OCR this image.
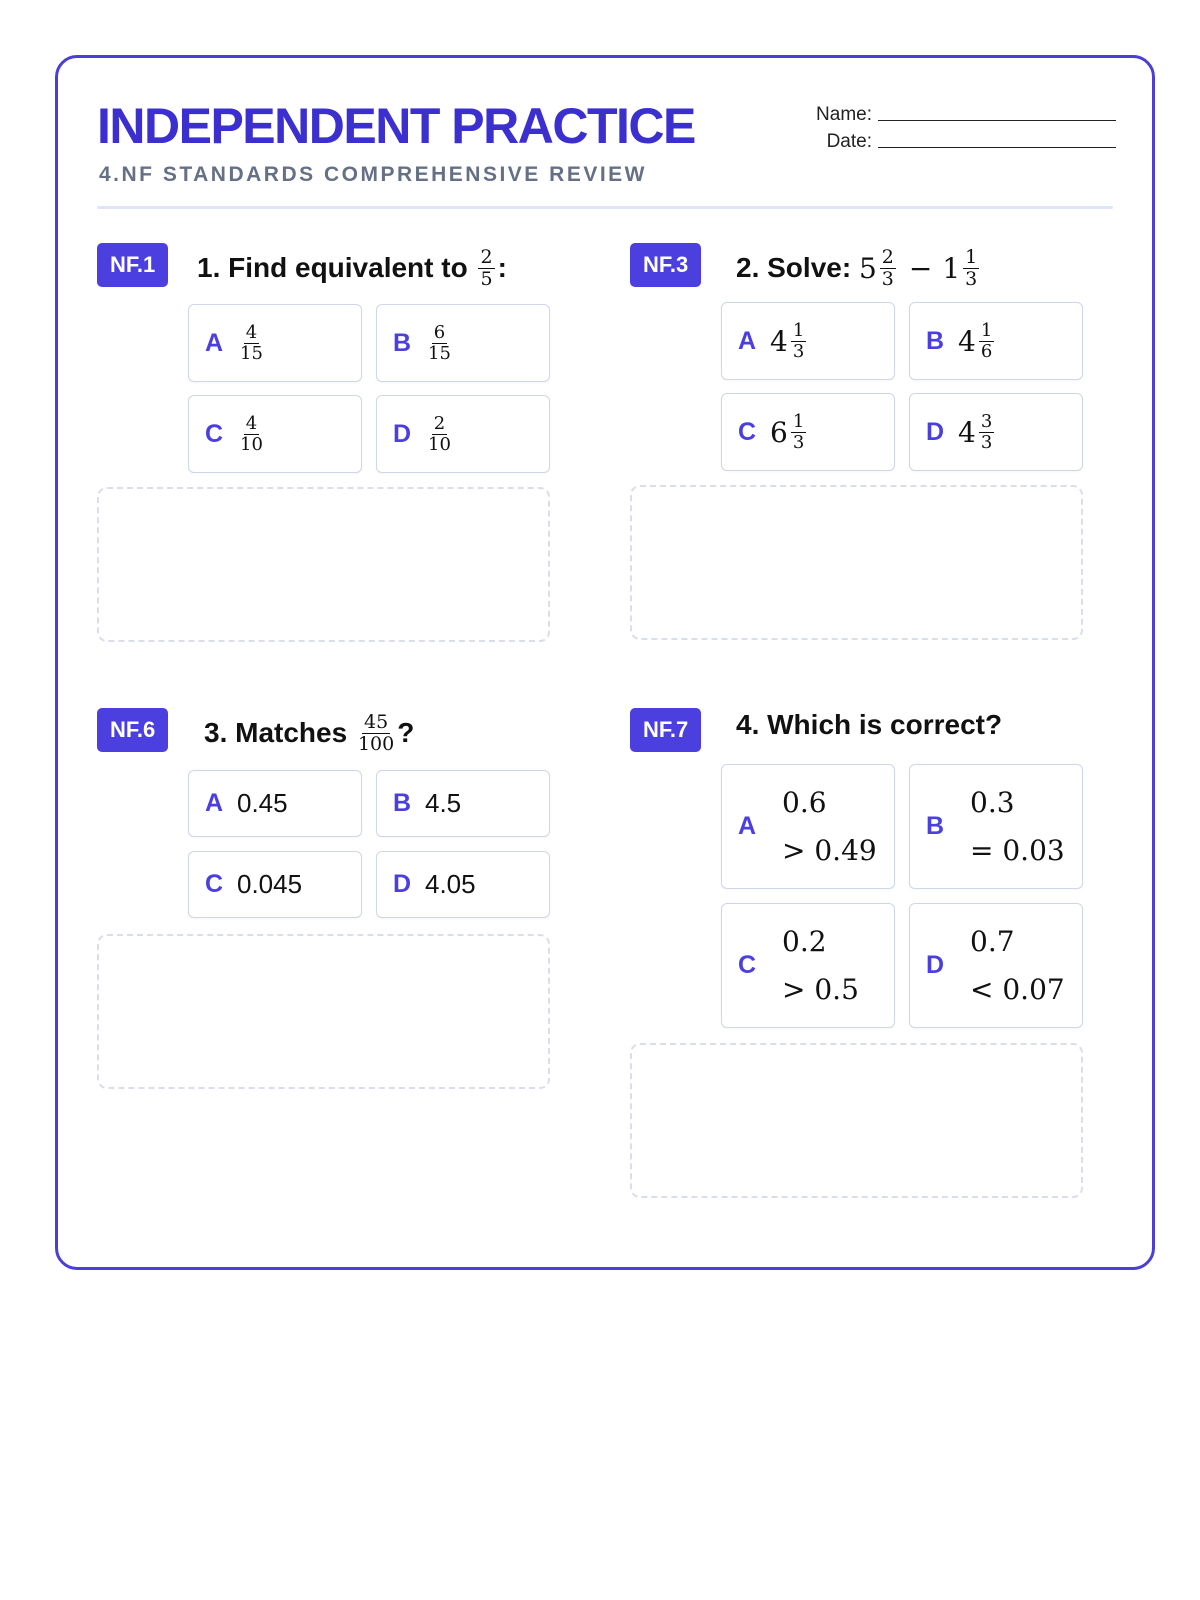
INDEPENDENT PRACTICE
4.NF STANDARDS COMPREHENSIVE REVIEW
Name:
Date:
NF.1	1. Find equivalent to
$\frac{2}{5}$ :
A $\frac{4}{15}$	B $\frac{6}{15}$
C $\frac{4}{10}$	D $\frac{2}{10}$
NF.3	2. Solve:
$5 \frac{2}{3} - 1 \frac{1}{3}$
A $4 \frac{1}{3}$	B $4 \frac{1}{6}$
C $6 \frac{1}{3}$	D $4 \frac{3}{3}$
NF.6	3. Matches
$\frac{45}{100}$ ?
A 0.45	B 4.5
C 0.045	D 4.05
NF.7	4. Which is correct?
A
0.6
> 0.49
B
0.3
= 0.03
C
0.2
> 0.5
D
0.7
< 0.07
